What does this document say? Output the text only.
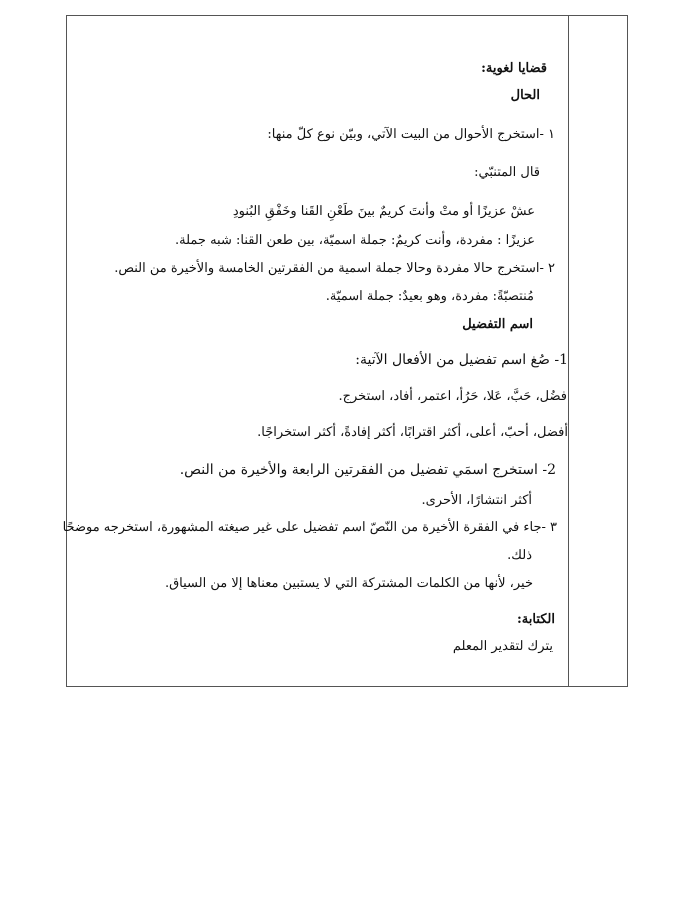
قضايا لغوية:
الحال
١ -استخرج الأحوال من البيت الآتي، وبيّن نوع كلّ منها:
قال المتنبّي:
عشْ عزيزًا أو متْ وأنتَ كريمٌ بينَ طَعْنِ القَنا وخَفْقِ البُنودِ
عزيزًا : مفردة، وأنت كريمٌ: جملة اسميّة، بين طعن القنا: شبه جملة.
٢ -استخرج حالا مفردة وحالا جملة اسمية من الفقرتين الخامسة والأخيرة من النص.
مُنتصبّةً: مفردة، وهو بعيدٌ: جملة اسميّة.
اسم التفضيل
1- صُغ اسم تفضيل من الأفعال الآتية:
فضُل، حَبَّ، عَلا، حَرُأ، اعتمر، أفاد، استخرج.
أفضل، أحبّ، أعلى، أكثر اقترابًا، أكثر إفادةً، أكثر استخراجًا.
2- استخرج اسمَي تفضيل من الفقرتين الرابعة والأخيرة من النص.
أكثر انتشارًا، الأحرى.
٣ -جاء في الفقرة الأخيرة من النّصّ اسم تفضيل على غير صيغته المشهورة، استخرجه موضحًا
ذلك.
خير، لأنها من الكلمات المشتركة التي لا يستبين معناها إلا من السياق.
الكتابة:
يترك لتقدير المعلم
